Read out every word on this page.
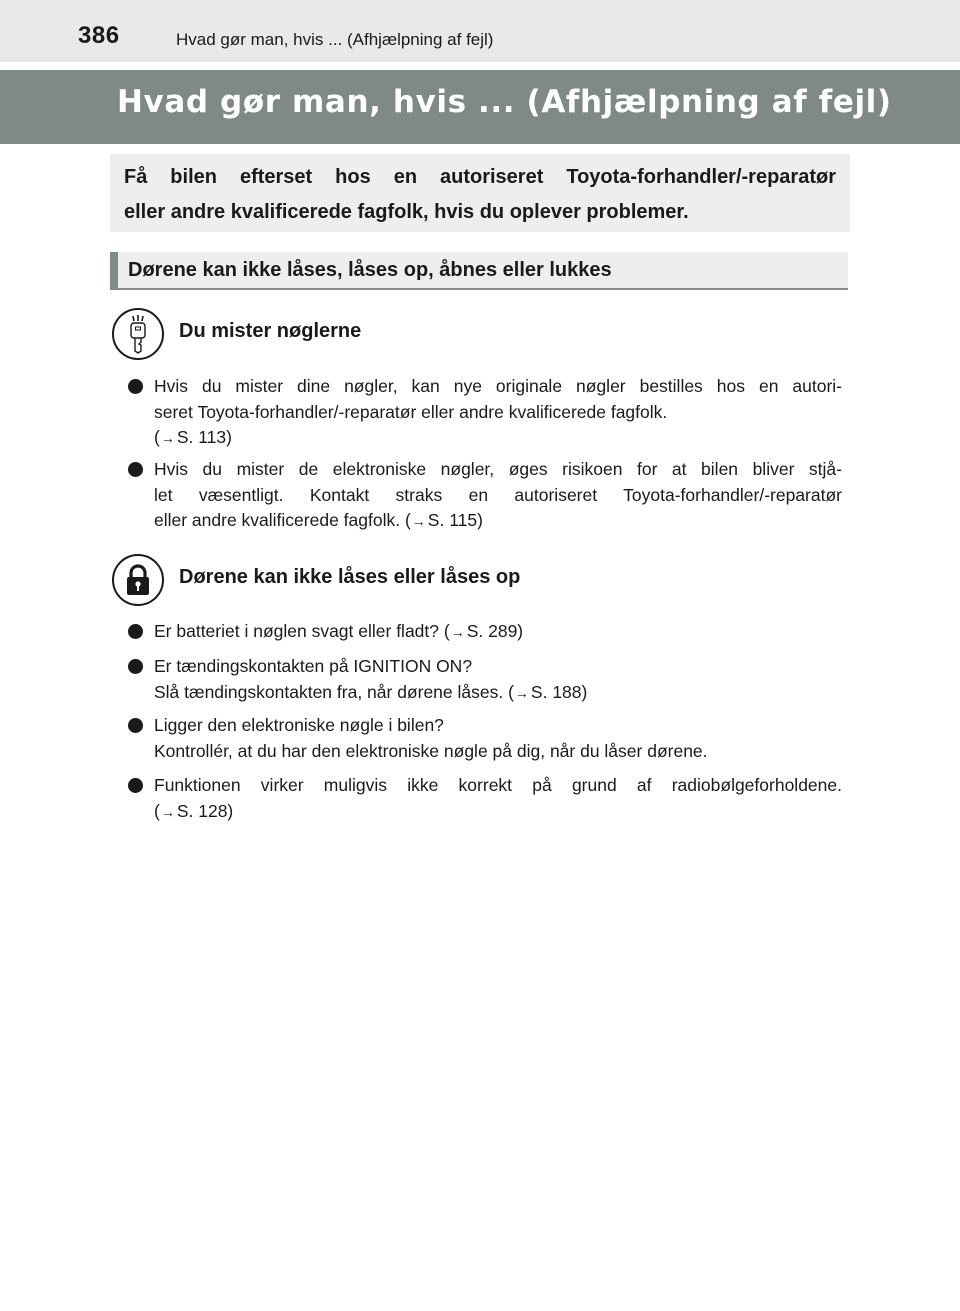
386	Hvad gør man, hvis ... (Afhjælpning af fejl)
Hvad gør man, hvis ... (Afhjælpning af fejl)
Få bilen efterset hos en autoriseret Toyota-forhandler/-reparatør
eller andre kvalificerede fagfolk, hvis du oplever problemer.
Dørene kan ikke låses, låses op, åbnes eller lukkes
Du mister nøglerne
Hvis du mister dine nøgler, kan nye originale nøgler bestilles hos en autori-
seret Toyota-forhandler/-reparatør eller andre kvalificerede fagfolk.
(→ S. 113)
Hvis du mister de elektroniske nøgler, øges risikoen for at bilen bliver stjå-
let væsentligt. Kontakt straks en autoriseret Toyota-forhandler/-reparatør
eller andre kvalificerede fagfolk. (→ S. 115)
Dørene kan ikke låses eller låses op
Er batteriet i nøglen svagt eller fladt? (→ S. 289)
Er tændingskontakten på IGNITION ON?
Slå tændingskontakten fra, når dørene låses. (→ S. 188)
Ligger den elektroniske nøgle i bilen?
Kontrollér, at du har den elektroniske nøgle på dig, når du låser dørene.
Funktionen virker muligvis ikke korrekt på grund af radiobølgeforholdene.
(→ S. 128)
